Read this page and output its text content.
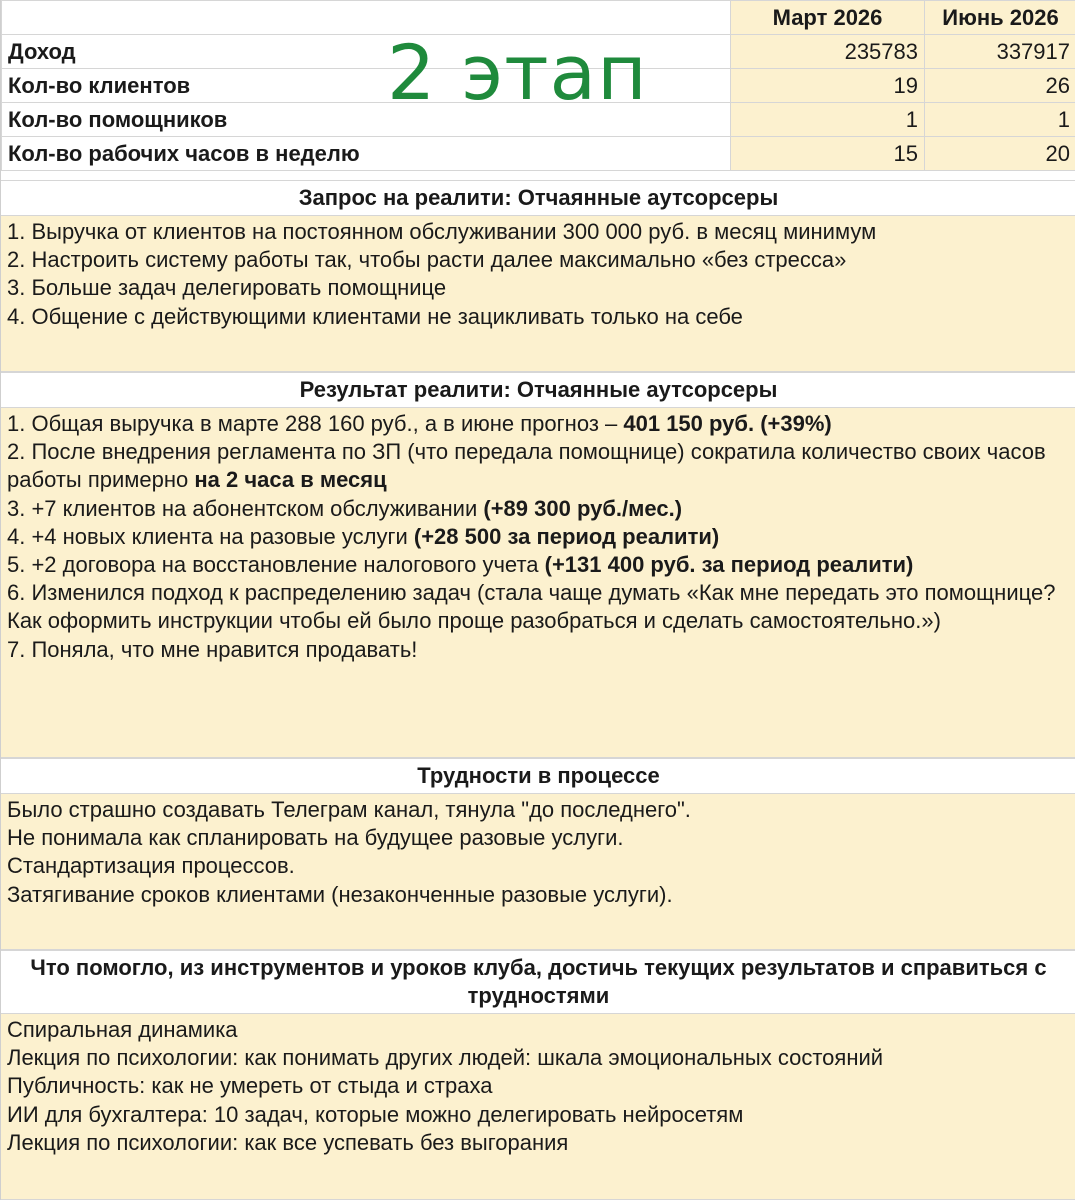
	Март 2026	Июнь 2026
Доход	235783	337917
Кол-во клиентов	19	26
Кол-во помощников	1	1
Кол-во рабочих часов в неделю	15	20
2 этап
Запрос на реалити: Отчаянные аутсорсеры
1. Выручка от клиентов на постоянном обслуживании 300 000 руб. в месяц минимум
2. Настроить систему работы так, чтобы расти далее максимально «без стресса»
3. Больше задач делегировать помощнице
4. Общение с действующими клиентами не зацикливать только на себе
Результат реалити: Отчаянные аутсорсеры
1. Общая выручка в марте 288 160 руб., а в июне прогноз – 401 150 руб. (+39%)
2. После внедрения регламента по ЗП (что передала помощнице) сократила количество своих часов работы примерно на 2 часа в месяц
3. +7 клиентов на абонентском обслуживании (+89 300 руб./мес.)
4. +4 новых клиента на разовые услуги (+28 500 за период реалити)
5. +2 договора на восстановление налогового учета (+131 400 руб. за период реалити)
6. Изменился подход к распределению задач (стала чаще думать «Как мне передать это помощнице? Как оформить инструкции чтобы ей было проще разобраться и сделать самостоятельно.»)
7. Поняла, что мне нравится продавать!
Трудности в процессе
Было страшно создавать Телеграм канал, тянула "до последнего".
Не понимала как спланировать на будущее разовые услуги.
Стандартизация процессов.
Затягивание сроков клиентами (незаконченные разовые услуги).
Что помогло, из инструментов и уроков клуба, достичь текущих результатов и справиться с трудностями
Спиральная динамика
Лекция по психологии: как понимать других людей: шкала эмоциональных состояний
Публичность: как не умереть от стыда и страха
ИИ для бухгалтера: 10 задач, которые можно делегировать нейросетям
Лекция по психологии: как все успевать без выгорания
